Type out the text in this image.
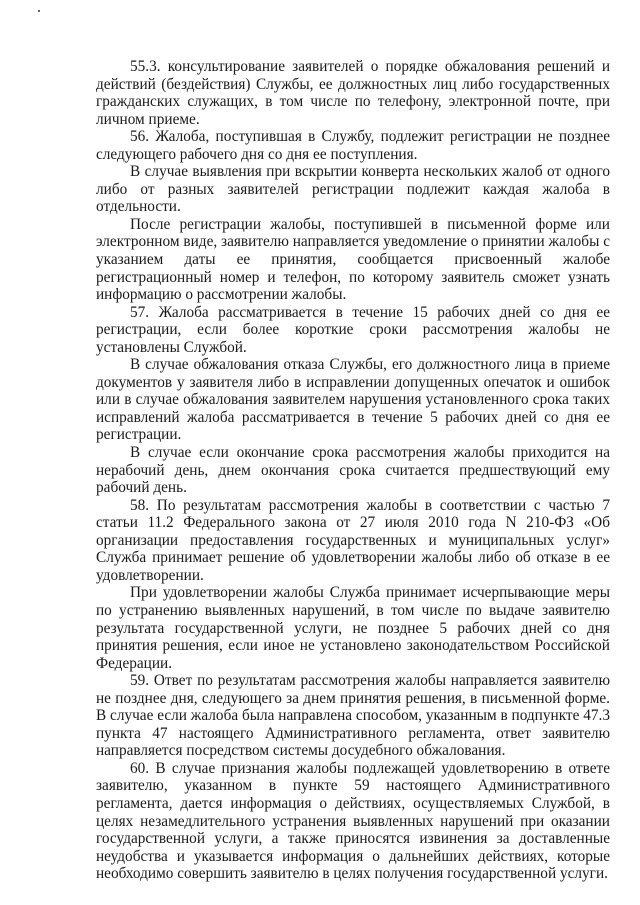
55.3. консультирование заявителей о порядке обжалования решений и действий (бездействия) Службы, ее должностных лиц либо государственных гражданских служащих, в том числе по телефону, электронной почте, при личном приеме.

56. Жалоба, поступившая в Службу, подлежит регистрации не позднее следующего рабочего дня со дня ее поступления.

В случае выявления при вскрытии конверта нескольких жалоб от одного либо от разных заявителей регистрации подлежит каждая жалоба в отдельности.

После регистрации жалобы, поступившей в письменной форме или электронном виде, заявителю направляется уведомление о принятии жалобы с указанием даты ее принятия, сообщается присвоенный жалобе регистрационный номер и телефон, по которому заявитель сможет узнать информацию о рассмотрении жалобы.

57. Жалоба рассматривается в течение 15 рабочих дней со дня ее регистрации, если более короткие сроки рассмотрения жалобы не установлены Службой.

В случае обжалования отказа Службы, его должностного лица в приеме документов у заявителя либо в исправлении допущенных опечаток и ошибок или в случае обжалования заявителем нарушения установленного срока таких исправлений жалоба рассматривается в течение 5 рабочих дней со дня ее регистрации.

В случае если окончание срока рассмотрения жалобы приходится на нерабочий день, днем окончания срока считается предшествующий ему рабочий день.

58. По результатам рассмотрения жалобы в соответствии с частью 7 статьи 11.2 Федерального закона от 27 июля 2010 года N 210-ФЗ «Об организации предоставления государственных и муниципальных услуг» Служба принимает решение об удовлетворении жалобы либо об отказе в ее удовлетворении.

При удовлетворении жалобы Служба принимает исчерпывающие меры по устранению выявленных нарушений, в том числе по выдаче заявителю результата государственной услуги, не позднее 5 рабочих дней со дня принятия решения, если иное не установлено законодательством Российской Федерации.

59. Ответ по результатам рассмотрения жалобы направляется заявителю не позднее дня, следующего за днем принятия решения, в письменной форме. В случае если жалоба была направлена способом, указанным в подпункте 47.3 пункта 47 настоящего Административного регламента, ответ заявителю направляется посредством системы досудебного обжалования.

60. В случае признания жалобы подлежащей удовлетворению в ответе заявителю, указанном в пункте 59 настоящего Административного регламента, дается информация о действиях, осуществляемых Службой, в целях незамедлительного устранения выявленных нарушений при оказании государственной услуги, а также приносятся извинения за доставленные неудобства и указывается информация о дальнейших действиях, которые необходимо совершить заявителю в целях получения государственной услуги.
